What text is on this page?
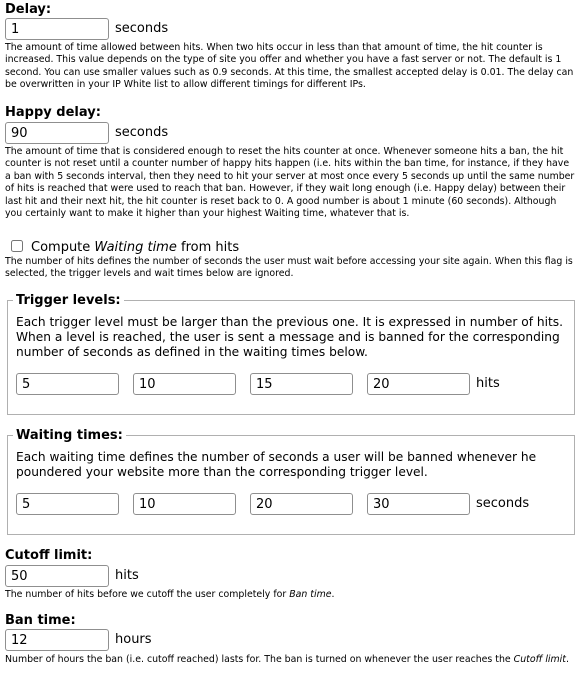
Delay:
1
seconds

The amount of time allowed between hits. When two hits occur in less than that amount of time, the hit counter is increased. This value depends on the type of site you offer and whether you have a fast server or not. The default is 1 second. You can use smaller values such as 0.9 seconds. At this time, the smallest accepted delay is 0.01. The delay can be overwritten in your IP White list to allow different timings for different IPs.

Happy delay:
90
seconds

The amount of time that is considered enough to reset the hits counter at once. Whenever someone hits a ban, the hit counter is not reset until a counter number of happy hits happen (i.e. hits within the ban time, for instance, if they have a ban with 5 seconds interval, then they need to hit your server at most once every 5 seconds up until the same number of hits is reached that were used to reach that ban. However, if they wait long enough (i.e. Happy delay) between their last hit and their next hit, the hit counter is reset back to 0. A good number is about 1 minute (60 seconds). Although you certainly want to make it higher than your highest Waiting time, whatever that is.

Compute Waiting time from hits

The number of hits defines the number of seconds the user must wait before accessing your site again. When this flag is selected, the trigger levels and wait times below are ignored.

Trigger levels:

Each trigger level must be larger than the previous one. It is expressed in number of hits. When a level is reached, the user is sent a message and is banned for the corresponding number of seconds as defined in the waiting times below.

5
10
15
20
hits
Waiting times:

Each waiting time defines the number of seconds a user will be banned whenever he poundered your website more than the corresponding trigger level.

5
10
20
30
seconds
Cutoff limit:
50
hits

The number of hits before we cutoff the user completely for Ban time.

Ban time:
12
hours

Number of hours the ban (i.e. cutoff reached) lasts for. The ban is turned on whenever the user reaches the Cutoff limit.
